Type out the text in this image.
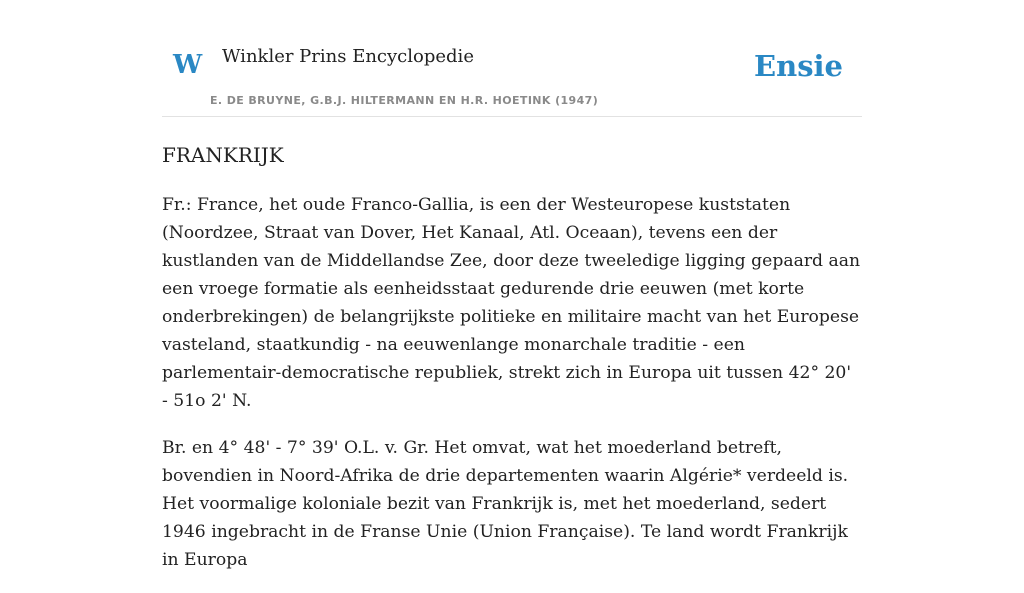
W Winkler Prins Encyclopedie
E. DE BRUYNE, G.B.J. HILTERMANN EN H.R. HOETINK (1947)
Ensie
FRANKRIJK

Fr.: France, het oude Franco-Gallia, is een der Westeuropese kuststaten (Noordzee, Straat van Dover, Het Kanaal, Atl. Oceaan), tevens een der kustlanden van de Middellandse Zee, door deze tweeledige ligging gepaard aan een vroege formatie als eenheidsstaat gedurende drie eeuwen (met korte onderbrekingen) de belangrijkste politieke en militaire macht van het Europese vasteland, staatkundig - na eeuwenlange monarchale traditie - een parlementair-democratische republiek, strekt zich in Europa uit tussen 42° 20' - 51o 2' N.

Br. en 4° 48' - 7° 39' O.L. v. Gr. Het omvat, wat het moederland betreft, bovendien in Noord-Afrika de drie departementen waarin Algérie* verdeeld is. Het voormalige koloniale bezit van Frankrijk is, met het moederland, sedert 1946 ingebracht in de Franse Unie (Union Française). Te land wordt Frankrijk in Europa
